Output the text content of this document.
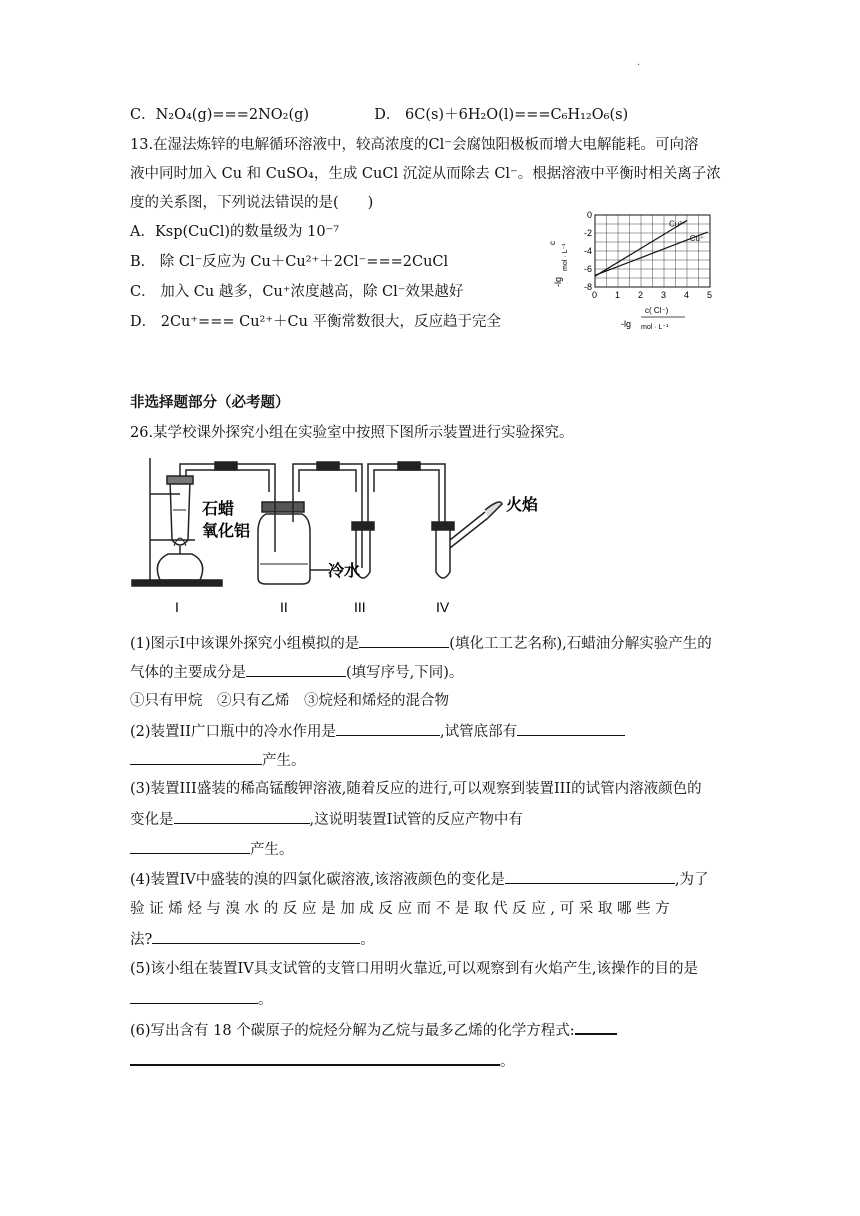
·
C．N₂O₄(g)===2NO₂(g)	D． 6C(s)＋6H₂O(l)===C₆H₁₂O₆(s)
13.在湿法炼锌的电解循环溶液中，较高浓度的Cl⁻会腐蚀阳极板而增大电解能耗。可向溶
液中同时加入 Cu 和 CuSO₄，生成 CuCl 沉淀从而除去 Cl⁻。根据溶液中平衡时相关离子浓
度的关系图，下列说法错误的是(　　)
A．Ksp(CuCl)的数量级为 10⁻⁷
B． 除 Cl⁻反应为 Cu＋Cu²⁺＋2Cl⁻===2CuCl
C． 加入 Cu 越多，Cu⁺浓度越高，除 Cl⁻效果越好
D． 2Cu⁺=== Cu²⁺＋Cu 平衡常数很大，反应趋于完全
Cu²⁺
Cu⁺
0 1 2 3 4 5
0
-2
-4
-6
-8
-lg
c
mol · L⁻¹
-lg
c( Cl⁻)
mol · L⁻¹
非选择题部分（必考题）
26.某学校课外探究小组在实验室中按照下图所示装置进行实验探究。
石蜡
氧化铝
冷水
火焰
I	II	III	IV
(1)图示I中该课外探究小组模拟的是	(填化工工艺名称),石蜡油分解实验产生的
气体的主要成分是	(填写序号,下同)。
①只有甲烷　②只有乙烯　③烷烃和烯烃的混合物
(2)装置II广口瓶中的冷水作用是	,试管底部有
产生。
(3)装置III盛装的稀高锰酸钾溶液,随着反应的进行,可以观察到装置III的试管内溶液颜色的
变化是	,这说明装置I试管的反应产物中有
产生。
(4)装置IV中盛装的溴的四氯化碳溶液,该溶液颜色的变化是	,为了
验 证 烯 烃 与 溴 水 的 反 应 是 加 成 反 应 而 不 是 取 代 反 应 , 可 采 取 哪 些 方
法?	。
(5)该小组在装置IV具支试管的支管口用明火靠近,可以观察到有火焰产生,该操作的目的是
。
(6)写出含有 18 个碳原子的烷烃分解为乙烷与最多乙烯的化学方程式:
。
